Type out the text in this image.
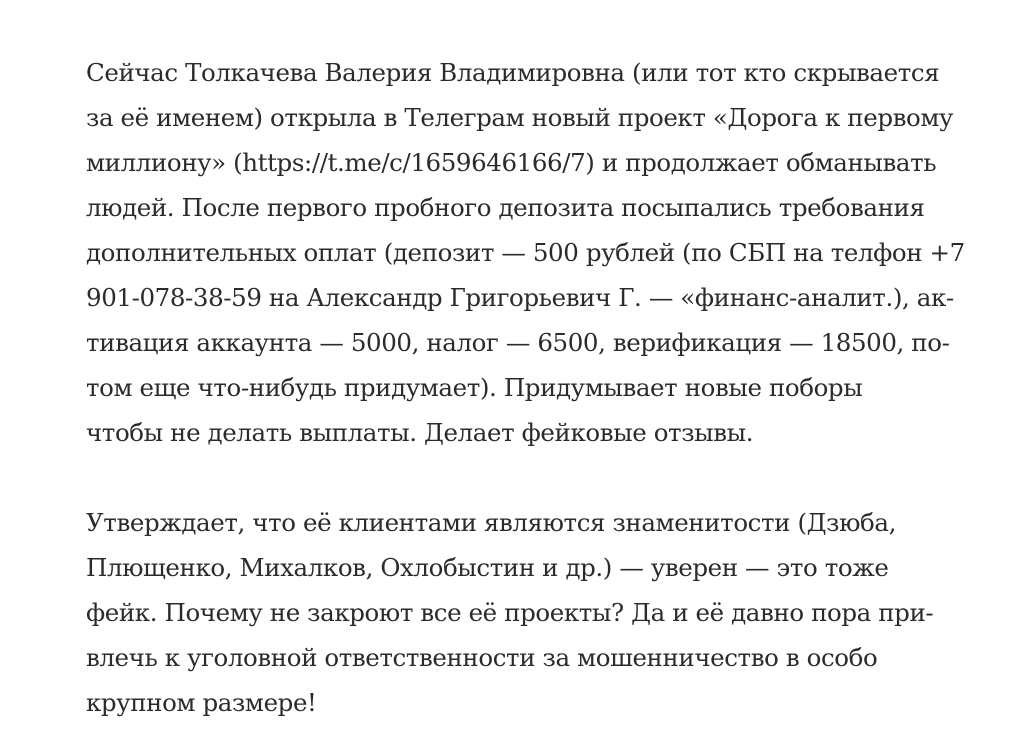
Сейчас Толкачева Валерия Владимировна (или тот кто скрывается
за её именем) открыла в Телеграм новый проект «Дорога к первому
миллиону» (https://t.me/c/1659646166/7) и продолжает обманывать
людей. После первого пробного депозита посыпались требования
дополнительных оплат (депозит — 500 рублей (по СБП на телфон +7
901-078-38-59 на Александр Григорьевич Г. — «финанс-аналит.), ак-
тивация аккаунта — 5000, налог — 6500, верификация — 18500, по-
том еще что-нибудь придумает). Придумывает новые поборы
чтобы не делать выплаты. Делает фейковые отзывы.

Утверждает, что её клиентами являются знаменитости (Дзюба,
Плющенко, Михалков, Охлобыстин и др.) — уверен — это тоже
фейк. Почему не закроют все её проекты? Да и её давно пора при-
влечь к уголовной ответственности за мошенничество в особо
крупном размере!
